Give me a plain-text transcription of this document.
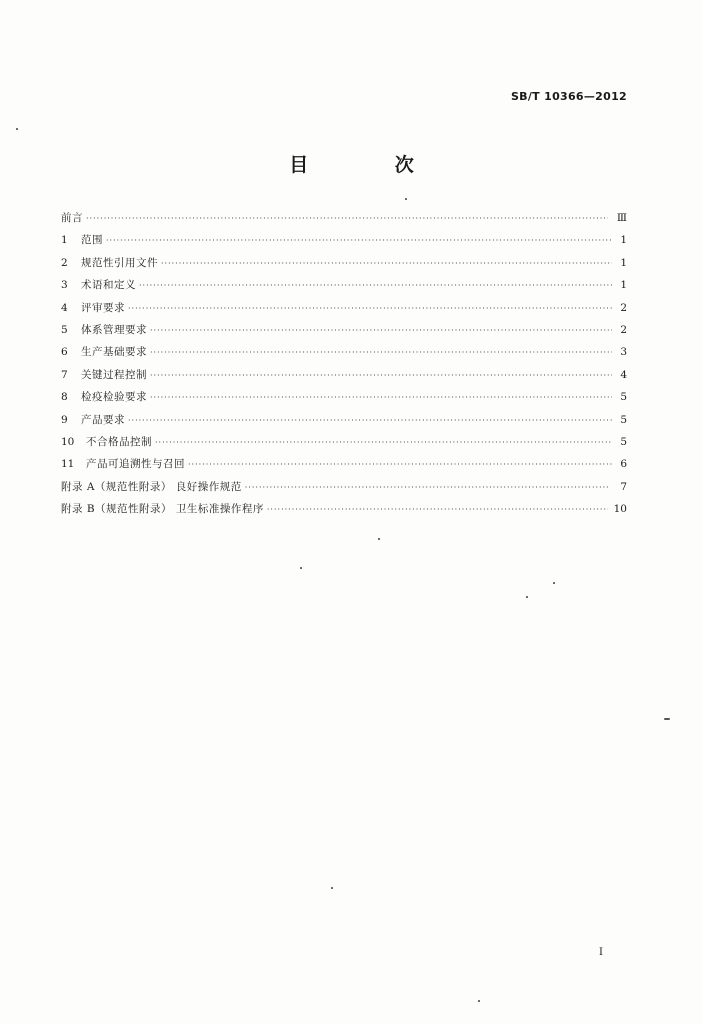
SB/T 10366—2012
目 次
前言 ·····	Ⅲ
1	范围 ·····	1
2	规范性引用文件 ·····	1
3	术语和定义 ·····	1
4	评审要求 ·····	2
5	体系管理要求 ·····	2
6	生产基础要求 ·····	3
7	关键过程控制 ·····	4
8	检疫检验要求 ·····	5
9	产品要求 ·····	5
10	不合格品控制 ·····	5
11	产品可追溯性与召回 ·····	6
附录 A（规范性附录） 良好操作规范 ·····	7
附录 B（规范性附录） 卫生标准操作程序 ·····	10
I
